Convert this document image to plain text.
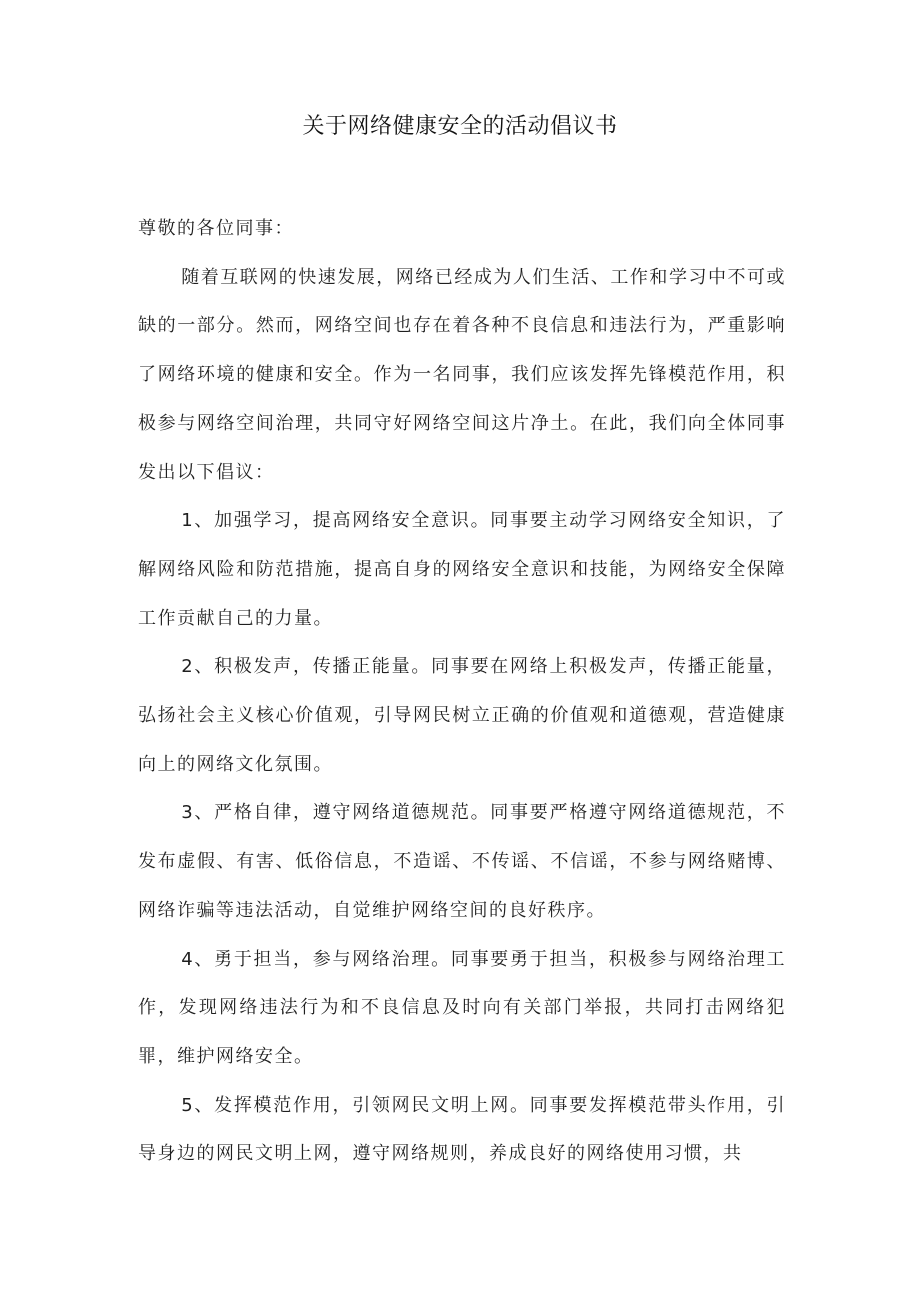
关于网络健康安全的活动倡议书

尊敬的各位同事：

随着互联网的快速发展，网络已经成为人们生活、工作和学习中不可或缺的一部分。然而，网络空间也存在着各种不良信息和违法行为，严重影响了网络环境的健康和安全。作为一名同事，我们应该发挥先锋模范作用，积极参与网络空间治理，共同守好网络空间这片净土。在此，我们向全体同事发出以下倡议：

1、加强学习，提高网络安全意识。同事要主动学习网络安全知识，了解网络风险和防范措施，提高自身的网络安全意识和技能，为网络安全保障工作贡献自己的力量。

2、积极发声，传播正能量。同事要在网络上积极发声，传播正能量，弘扬社会主义核心价值观，引导网民树立正确的价值观和道德观，营造健康向上的网络文化氛围。

3、严格自律，遵守网络道德规范。同事要严格遵守网络道德规范，不发布虚假、有害、低俗信息，不造谣、不传谣、不信谣，不参与网络赌博、网络诈骗等违法活动，自觉维护网络空间的良好秩序。

4、勇于担当，参与网络治理。同事要勇于担当，积极参与网络治理工作，发现网络违法行为和不良信息及时向有关部门举报，共同打击网络犯罪，维护网络安全。

5、发挥模范作用，引领网民文明上网。同事要发挥模范带头作用，引导身边的网民文明上网，遵守网络规则，养成良好的网络使用习惯，共
